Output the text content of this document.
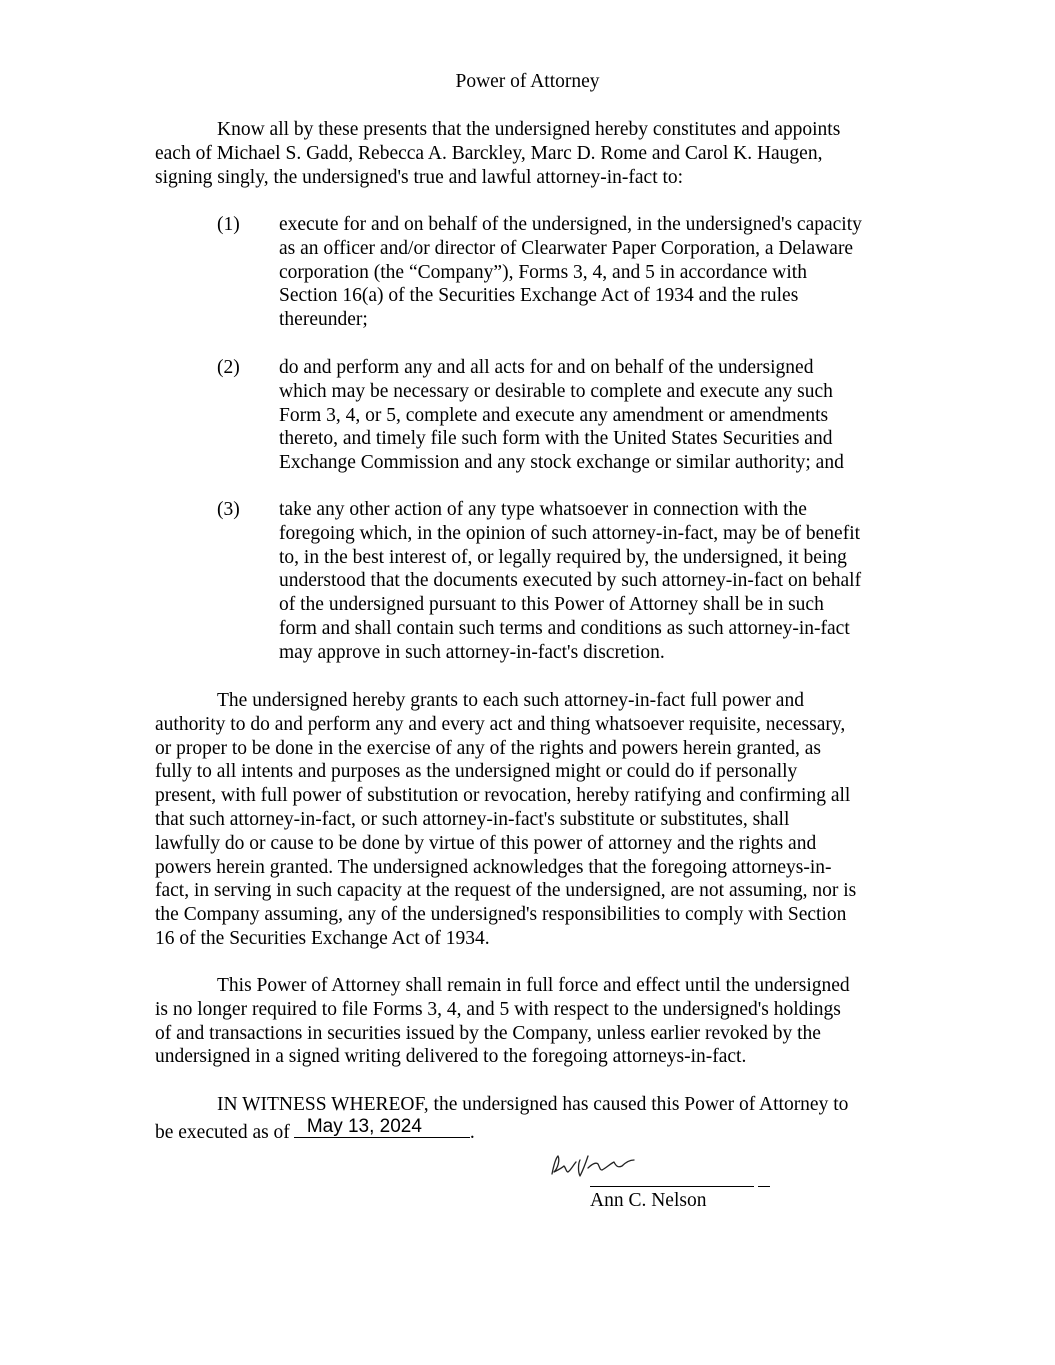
Power of Attorney
Know all by these presents that the undersigned hereby constitutes and appoints
each of Michael S. Gadd, Rebecca A. Barckley, Marc D. Rome and Carol K. Haugen,
signing singly, the undersigned's true and lawful attorney-in-fact to:
(1) execute for and on behalf of the undersigned, in the undersigned's capacity
as an officer and/or director of Clearwater Paper Corporation, a Delaware
corporation (the “Company”), Forms 3, 4, and 5 in accordance with
Section 16(a) of the Securities Exchange Act of 1934 and the rules
thereunder;
(2) do and perform any and all acts for and on behalf of the undersigned
which may be necessary or desirable to complete and execute any such
Form 3, 4, or 5, complete and execute any amendment or amendments
thereto, and timely file such form with the United States Securities and
Exchange Commission and any stock exchange or similar authority; and
(3) take any other action of any type whatsoever in connection with the
foregoing which, in the opinion of such attorney-in-fact, may be of benefit
to, in the best interest of, or legally required by, the undersigned, it being
understood that the documents executed by such attorney-in-fact on behalf
of the undersigned pursuant to this Power of Attorney shall be in such
form and shall contain such terms and conditions as such attorney-in-fact
may approve in such attorney-in-fact's discretion.
The undersigned hereby grants to each such attorney-in-fact full power and
authority to do and perform any and every act and thing whatsoever requisite, necessary,
or proper to be done in the exercise of any of the rights and powers herein granted, as
fully to all intents and purposes as the undersigned might or could do if personally
present, with full power of substitution or revocation, hereby ratifying and confirming all
that such attorney-in-fact, or such attorney-in-fact's substitute or substitutes, shall
lawfully do or cause to be done by virtue of this power of attorney and the rights and
powers herein granted. The undersigned acknowledges that the foregoing attorneys-in-
fact, in serving in such capacity at the request of the undersigned, are not assuming, nor is
the Company assuming, any of the undersigned's responsibilities to comply with Section
16 of the Securities Exchange Act of 1934.
This Power of Attorney shall remain in full force and effect until the undersigned
is no longer required to file Forms 3, 4, and 5 with respect to the undersigned's holdings
of and transactions in securities issued by the Company, unless earlier revoked by the
undersigned in a signed writing delivered to the foregoing attorneys-in-fact.
IN WITNESS WHEREOF, the undersigned has caused this Power of Attorney to
be executed as of May 13, 2024 .
Ann C. Nelson
